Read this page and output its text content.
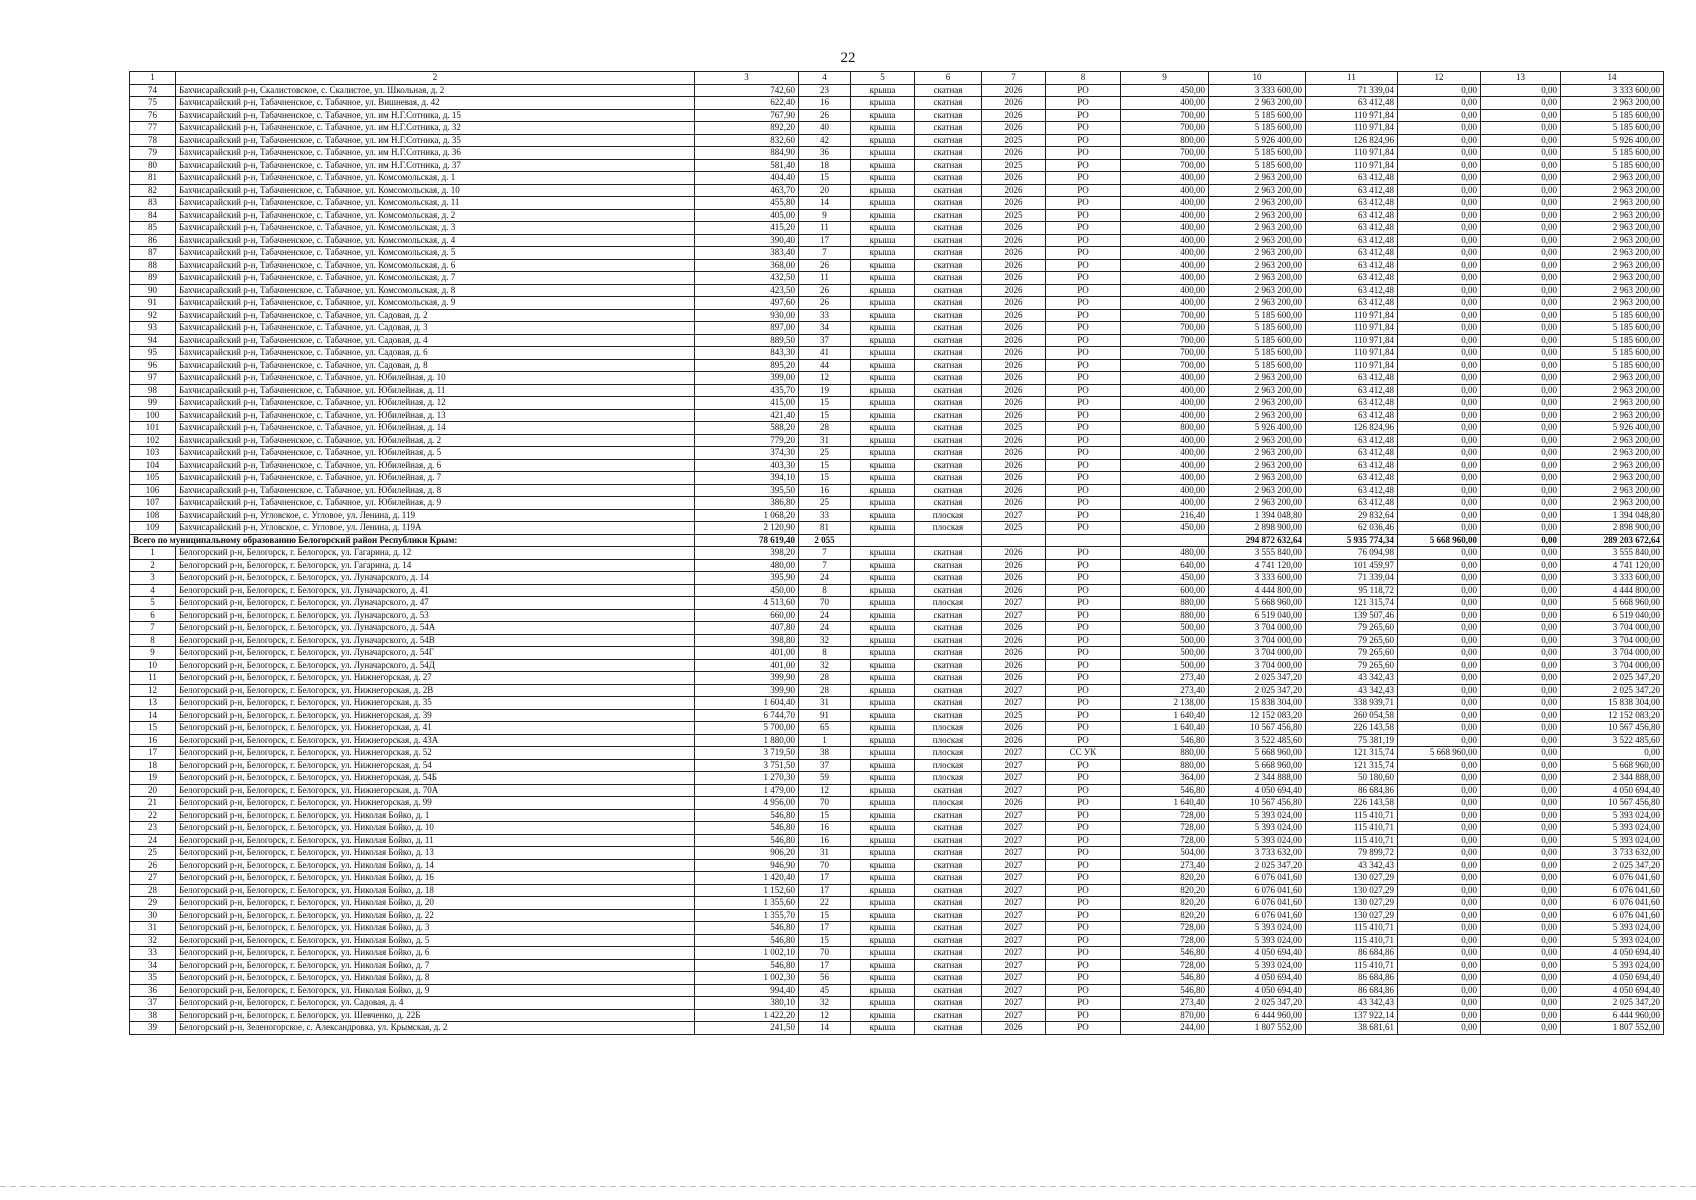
22
1	2	3	4	5	6	7	8	9	10	11	12	13	14
74	Бахчисарайский р-н, Скалистовское, с. Скалистое, ул. Школьная, д. 2	742,60	23	крыша	скатная	2026	РО	450,00	3 333 600,00	71 339,04	0,00	0,00	3 333 600,00
75	Бахчисарайский р-н, Табачненское, с. Табачное, ул. Вишневая, д. 42	622,40	16	крыша	скатная	2026	РО	400,00	2 963 200,00	63 412,48	0,00	0,00	2 963 200,00
76	Бахчисарайский р-н, Табачненское, с. Табачное, ул. им Н.Г.Сотника, д. 15	767,90	26	крыша	скатная	2026	РО	700,00	5 185 600,00	110 971,84	0,00	0,00	5 185 600,00
77	Бахчисарайский р-н, Табачненское, с. Табачное, ул. им Н.Г.Сотника, д. 32	892,20	40	крыша	скатная	2026	РО	700,00	5 185 600,00	110 971,84	0,00	0,00	5 185 600,00
78	Бахчисарайский р-н, Табачненское, с. Табачное, ул. им Н.Г.Сотника, д. 35	832,60	42	крыша	скатная	2025	РО	800,00	5 926 400,00	126 824,96	0,00	0,00	5 926 400,00
79	Бахчисарайский р-н, Табачненское, с. Табачное, ул. им Н.Г.Сотника, д. 36	884,90	36	крыша	скатная	2026	РО	700,00	5 185 600,00	110 971,84	0,00	0,00	5 185 600,00
80	Бахчисарайский р-н, Табачненское, с. Табачное, ул. им Н.Г.Сотника, д. 37	581,40	18	крыша	скатная	2025	РО	700,00	5 185 600,00	110 971,84	0,00	0,00	5 185 600,00
81	Бахчисарайский р-н, Табачненское, с. Табачное, ул. Комсомольская, д. 1	404,40	15	крыша	скатная	2026	РО	400,00	2 963 200,00	63 412,48	0,00	0,00	2 963 200,00
82	Бахчисарайский р-н, Табачненское, с. Табачное, ул. Комсомольская, д. 10	463,70	20	крыша	скатная	2026	РО	400,00	2 963 200,00	63 412,48	0,00	0,00	2 963 200,00
83	Бахчисарайский р-н, Табачненское, с. Табачное, ул. Комсомольская, д. 11	455,80	14	крыша	скатная	2026	РО	400,00	2 963 200,00	63 412,48	0,00	0,00	2 963 200,00
84	Бахчисарайский р-н, Табачненское, с. Табачное, ул. Комсомольская, д. 2	405,00	9	крыша	скатная	2025	РО	400,00	2 963 200,00	63 412,48	0,00	0,00	2 963 200,00
85	Бахчисарайский р-н, Табачненское, с. Табачное, ул. Комсомольская, д. 3	415,20	11	крыша	скатная	2026	РО	400,00	2 963 200,00	63 412,48	0,00	0,00	2 963 200,00
86	Бахчисарайский р-н, Табачненское, с. Табачное, ул. Комсомольская, д. 4	390,40	17	крыша	скатная	2026	РО	400,00	2 963 200,00	63 412,48	0,00	0,00	2 963 200,00
87	Бахчисарайский р-н, Табачненское, с. Табачное, ул. Комсомольская, д. 5	383,40	7	крыша	скатная	2026	РО	400,00	2 963 200,00	63 412,48	0,00	0,00	2 963 200,00
88	Бахчисарайский р-н, Табачненское, с. Табачное, ул. Комсомольская, д. 6	368,00	26	крыша	скатная	2026	РО	400,00	2 963 200,00	63 412,48	0,00	0,00	2 963 200,00
89	Бахчисарайский р-н, Табачненское, с. Табачное, ул. Комсомольская, д. 7	432,50	11	крыша	скатная	2026	РО	400,00	2 963 200,00	63 412,48	0,00	0,00	2 963 200,00
90	Бахчисарайский р-н, Табачненское, с. Табачное, ул. Комсомольская, д. 8	423,50	26	крыша	скатная	2026	РО	400,00	2 963 200,00	63 412,48	0,00	0,00	2 963 200,00
91	Бахчисарайский р-н, Табачненское, с. Табачное, ул. Комсомольская, д. 9	497,60	26	крыша	скатная	2026	РО	400,00	2 963 200,00	63 412,48	0,00	0,00	2 963 200,00
92	Бахчисарайский р-н, Табачненское, с. Табачное, ул. Садовая, д. 2	930,00	33	крыша	скатная	2026	РО	700,00	5 185 600,00	110 971,84	0,00	0,00	5 185 600,00
93	Бахчисарайский р-н, Табачненское, с. Табачное, ул. Садовая, д. 3	897,00	34	крыша	скатная	2026	РО	700,00	5 185 600,00	110 971,84	0,00	0,00	5 185 600,00
94	Бахчисарайский р-н, Табачненское, с. Табачное, ул. Садовая, д. 4	889,50	37	крыша	скатная	2026	РО	700,00	5 185 600,00	110 971,84	0,00	0,00	5 185 600,00
95	Бахчисарайский р-н, Табачненское, с. Табачное, ул. Садовая, д. 6	843,30	41	крыша	скатная	2026	РО	700,00	5 185 600,00	110 971,84	0,00	0,00	5 185 600,00
96	Бахчисарайский р-н, Табачненское, с. Табачное, ул. Садовая, д. 8	895,20	44	крыша	скатная	2026	РО	700,00	5 185 600,00	110 971,84	0,00	0,00	5 185 600,00
97	Бахчисарайский р-н, Табачненское, с. Табачное, ул. Юбилейная, д. 10	399,00	12	крыша	скатная	2026	РО	400,00	2 963 200,00	63 412,48	0,00	0,00	2 963 200,00
98	Бахчисарайский р-н, Табачненское, с. Табачное, ул. Юбилейная, д. 11	435,70	19	крыша	скатная	2026	РО	400,00	2 963 200,00	63 412,48	0,00	0,00	2 963 200,00
99	Бахчисарайский р-н, Табачненское, с. Табачное, ул. Юбилейная, д. 12	415,00	15	крыша	скатная	2026	РО	400,00	2 963 200,00	63 412,48	0,00	0,00	2 963 200,00
100	Бахчисарайский р-н, Табачненское, с. Табачное, ул. Юбилейная, д. 13	421,40	15	крыша	скатная	2026	РО	400,00	2 963 200,00	63 412,48	0,00	0,00	2 963 200,00
101	Бахчисарайский р-н, Табачненское, с. Табачное, ул. Юбилейная, д. 14	588,20	28	крыша	скатная	2025	РО	800,00	5 926 400,00	126 824,96	0,00	0,00	5 926 400,00
102	Бахчисарайский р-н, Табачненское, с. Табачное, ул. Юбилейная, д. 2	779,20	31	крыша	скатная	2026	РО	400,00	2 963 200,00	63 412,48	0,00	0,00	2 963 200,00
103	Бахчисарайский р-н, Табачненское, с. Табачное, ул. Юбилейная, д. 5	374,30	25	крыша	скатная	2026	РО	400,00	2 963 200,00	63 412,48	0,00	0,00	2 963 200,00
104	Бахчисарайский р-н, Табачненское, с. Табачное, ул. Юбилейная, д. 6	403,30	15	крыша	скатная	2026	РО	400,00	2 963 200,00	63 412,48	0,00	0,00	2 963 200,00
105	Бахчисарайский р-н, Табачненское, с. Табачное, ул. Юбилейная, д. 7	394,10	15	крыша	скатная	2026	РО	400,00	2 963 200,00	63 412,48	0,00	0,00	2 963 200,00
106	Бахчисарайский р-н, Табачненское, с. Табачное, ул. Юбилейная, д. 8	395,50	16	крыша	скатная	2026	РО	400,00	2 963 200,00	63 412,48	0,00	0,00	2 963 200,00
107	Бахчисарайский р-н, Табачненское, с. Табачное, ул. Юбилейная, д. 9	386,80	25	крыша	скатная	2026	РО	400,00	2 963 200,00	63 412,48	0,00	0,00	2 963 200,00
108	Бахчисарайский р-н, Угловское, с. Угловое, ул. Ленина, д. 119	1 068,20	33	крыша	плоская	2027	РО	216,40	1 394 048,80	29 832,64	0,00	0,00	1 394 048,80
109	Бахчисарайский р-н, Угловское, с. Угловое, ул. Ленина, д. 119А	2 120,90	81	крыша	плоская	2025	РО	450,00	2 898 900,00	62 036,46	0,00	0,00	2 898 900,00
Всего по муниципальному образованию Белогорский район Республики Крым:		78 619,40	2 055						294 872 632,64	5 935 774,34	5 668 960,00	0,00	289 203 672,64
1	Белогорский р-н, Белогорск, г. Белогорск, ул. Гагарина, д. 12	398,20	7	крыша	скатная	2026	РО	480,00	3 555 840,00	76 094,98	0,00	0,00	3 555 840,00
2	Белогорский р-н, Белогорск, г. Белогорск, ул. Гагарина, д. 14	480,00	7	крыша	скатная	2026	РО	640,00	4 741 120,00	101 459,97	0,00	0,00	4 741 120,00
3	Белогорский р-н, Белогорск, г. Белогорск, ул. Луначарского, д. 14	395,90	24	крыша	скатная	2026	РО	450,00	3 333 600,00	71 339,04	0,00	0,00	3 333 600,00
4	Белогорский р-н, Белогорск, г. Белогорск, ул. Луначарского, д. 41	450,00	8	крыша	скатная	2026	РО	600,00	4 444 800,00	95 118,72	0,00	0,00	4 444 800,00
5	Белогорский р-н, Белогорск, г. Белогорск, ул. Луначарского, д. 47	4 513,60	70	крыша	плоская	2027	РО	880,00	5 668 960,00	121 315,74	0,00	0,00	5 668 960,00
6	Белогорский р-н, Белогорск, г. Белогорск, ул. Луначарского, д. 53	660,00	24	крыша	скатная	2027	РО	880,00	6 519 040,00	139 507,46	0,00	0,00	6 519 040,00
7	Белогорский р-н, Белогорск, г. Белогорск, ул. Луначарского, д. 54А	407,80	24	крыша	скатная	2026	РО	500,00	3 704 000,00	79 265,60	0,00	0,00	3 704 000,00
8	Белогорский р-н, Белогорск, г. Белогорск, ул. Луначарского, д. 54В	398,80	32	крыша	скатная	2026	РО	500,00	3 704 000,00	79 265,60	0,00	0,00	3 704 000,00
9	Белогорский р-н, Белогорск, г. Белогорск, ул. Луначарского, д. 54Г	401,00	8	крыша	скатная	2026	РО	500,00	3 704 000,00	79 265,60	0,00	0,00	3 704 000,00
10	Белогорский р-н, Белогорск, г. Белогорск, ул. Луначарского, д. 54Д	401,00	32	крыша	скатная	2026	РО	500,00	3 704 000,00	79 265,60	0,00	0,00	3 704 000,00
11	Белогорский р-н, Белогорск, г. Белогорск, ул. Нижнегорская, д. 27	399,90	28	крыша	скатная	2026	РО	273,40	2 025 347,20	43 342,43	0,00	0,00	2 025 347,20
12	Белогорский р-н, Белогорск, г. Белогорск, ул. Нижнегорская, д. 2В	399,90	28	крыша	скатная	2027	РО	273,40	2 025 347,20	43 342,43	0,00	0,00	2 025 347,20
13	Белогорский р-н, Белогорск, г. Белогорск, ул. Нижнегорская, д. 35	1 604,40	31	крыша	скатная	2027	РО	2 138,00	15 838 304,00	338 939,71	0,00	0,00	15 838 304,00
14	Белогорский р-н, Белогорск, г. Белогорск, ул. Нижнегорская, д. 39	6 744,70	91	крыша	скатная	2025	РО	1 640,40	12 152 083,20	260 054,58	0,00	0,00	12 152 083,20
15	Белогорский р-н, Белогорск, г. Белогорск, ул. Нижнегорская, д. 41	5 700,00	65	крыша	плоская	2026	РО	1 640,40	10 567 456,80	226 143,58	0,00	0,00	10 567 456,80
16	Белогорский р-н, Белогорск, г. Белогорск, ул. Нижнегорская, д. 43А	1 880,00	1	крыша	плоская	2026	РО	546,80	3 522 485,60	75 381,19	0,00	0,00	3 522 485,60
17	Белогорский р-н, Белогорск, г. Белогорск, ул. Нижнегорская, д. 52	3 719,50	38	крыша	плоская	2027	СС УК	880,00	5 668 960,00	121 315,74	5 668 960,00	0,00	0,00
18	Белогорский р-н, Белогорск, г. Белогорск, ул. Нижнегорская, д. 54	3 751,50	37	крыша	плоская	2027	РО	880,00	5 668 960,00	121 315,74	0,00	0,00	5 668 960,00
19	Белогорский р-н, Белогорск, г. Белогорск, ул. Нижнегорская, д. 54Б	1 270,30	59	крыша	плоская	2027	РО	364,00	2 344 888,00	50 180,60	0,00	0,00	2 344 888,00
20	Белогорский р-н, Белогорск, г. Белогорск, ул. Нижнегорская, д. 70А	1 479,00	12	крыша	скатная	2027	РО	546,80	4 050 694,40	86 684,86	0,00	0,00	4 050 694,40
21	Белогорский р-н, Белогорск, г. Белогорск, ул. Нижнегорская, д. 99	4 956,00	70	крыша	плоская	2026	РО	1 640,40	10 567 456,80	226 143,58	0,00	0,00	10 567 456,80
22	Белогорский р-н, Белогорск, г. Белогорск, ул. Николая Бойко, д. 1	546,80	15	крыша	скатная	2027	РО	728,00	5 393 024,00	115 410,71	0,00	0,00	5 393 024,00
23	Белогорский р-н, Белогорск, г. Белогорск, ул. Николая Бойко, д. 10	546,80	16	крыша	скатная	2027	РО	728,00	5 393 024,00	115 410,71	0,00	0,00	5 393 024,00
24	Белогорский р-н, Белогорск, г. Белогорск, ул. Николая Бойко, д. 11	546,80	16	крыша	скатная	2027	РО	728,00	5 393 024,00	115 410,71	0,00	0,00	5 393 024,00
25	Белогорский р-н, Белогорск, г. Белогорск, ул. Николая Бойко, д. 13	906,20	31	крыша	скатная	2027	РО	504,00	3 733 632,00	79 899,72	0,00	0,00	3 733 632,00
26	Белогорский р-н, Белогорск, г. Белогорск, ул. Николая Бойко, д. 14	946,90	70	крыша	скатная	2027	РО	273,40	2 025 347,20	43 342,43	0,00	0,00	2 025 347,20
27	Белогорский р-н, Белогорск, г. Белогорск, ул. Николая Бойко, д. 16	1 420,40	17	крыша	скатная	2027	РО	820,20	6 076 041,60	130 027,29	0,00	0,00	6 076 041,60
28	Белогорский р-н, Белогорск, г. Белогорск, ул. Николая Бойко, д. 18	1 152,60	17	крыша	скатная	2027	РО	820,20	6 076 041,60	130 027,29	0,00	0,00	6 076 041,60
29	Белогорский р-н, Белогорск, г. Белогорск, ул. Николая Бойко, д. 20	1 355,60	22	крыша	скатная	2027	РО	820,20	6 076 041,60	130 027,29	0,00	0,00	6 076 041,60
30	Белогорский р-н, Белогорск, г. Белогорск, ул. Николая Бойко, д. 22	1 355,70	15	крыша	скатная	2027	РО	820,20	6 076 041,60	130 027,29	0,00	0,00	6 076 041,60
31	Белогорский р-н, Белогорск, г. Белогорск, ул. Николая Бойко, д. 3	546,80	17	крыша	скатная	2027	РО	728,00	5 393 024,00	115 410,71	0,00	0,00	5 393 024,00
32	Белогорский р-н, Белогорск, г. Белогорск, ул. Николая Бойко, д. 5	546,80	15	крыша	скатная	2027	РО	728,00	5 393 024,00	115 410,71	0,00	0,00	5 393 024,00
33	Белогорский р-н, Белогорск, г. Белогорск, ул. Николая Бойко, д. 6	1 002,10	70	крыша	скатная	2027	РО	546,80	4 050 694,40	86 684,86	0,00	0,00	4 050 694,40
34	Белогорский р-н, Белогорск, г. Белогорск, ул. Николая Бойко, д. 7	546,80	17	крыша	скатная	2027	РО	728,00	5 393 024,00	115 410,71	0,00	0,00	5 393 024,00
35	Белогорский р-н, Белогорск, г. Белогорск, ул. Николая Бойко, д. 8	1 002,30	56	крыша	скатная	2027	РО	546,80	4 050 694,40	86 684,86	0,00	0,00	4 050 694,40
36	Белогорский р-н, Белогорск, г. Белогорск, ул. Николая Бойко, д. 9	994,40	45	крыша	скатная	2027	РО	546,80	4 050 694,40	86 684,86	0,00	0,00	4 050 694,40
37	Белогорский р-н, Белогорск, г. Белогорск, ул. Садовая, д. 4	380,10	32	крыша	скатная	2027	РО	273,40	2 025 347,20	43 342,43	0,00	0,00	2 025 347,20
38	Белогорский р-н, Белогорск, г. Белогорск, ул. Шевченко, д. 22Б	1 422,20	12	крыша	скатная	2027	РО	870,00	6 444 960,00	137 922,14	0,00	0,00	6 444 960,00
39	Белогорский р-н, Зеленогорское, с. Александровка, ул. Крымская, д. 2	241,50	14	крыша	скатная	2026	РО	244,00	1 807 552,00	38 681,61	0,00	0,00	1 807 552,00
